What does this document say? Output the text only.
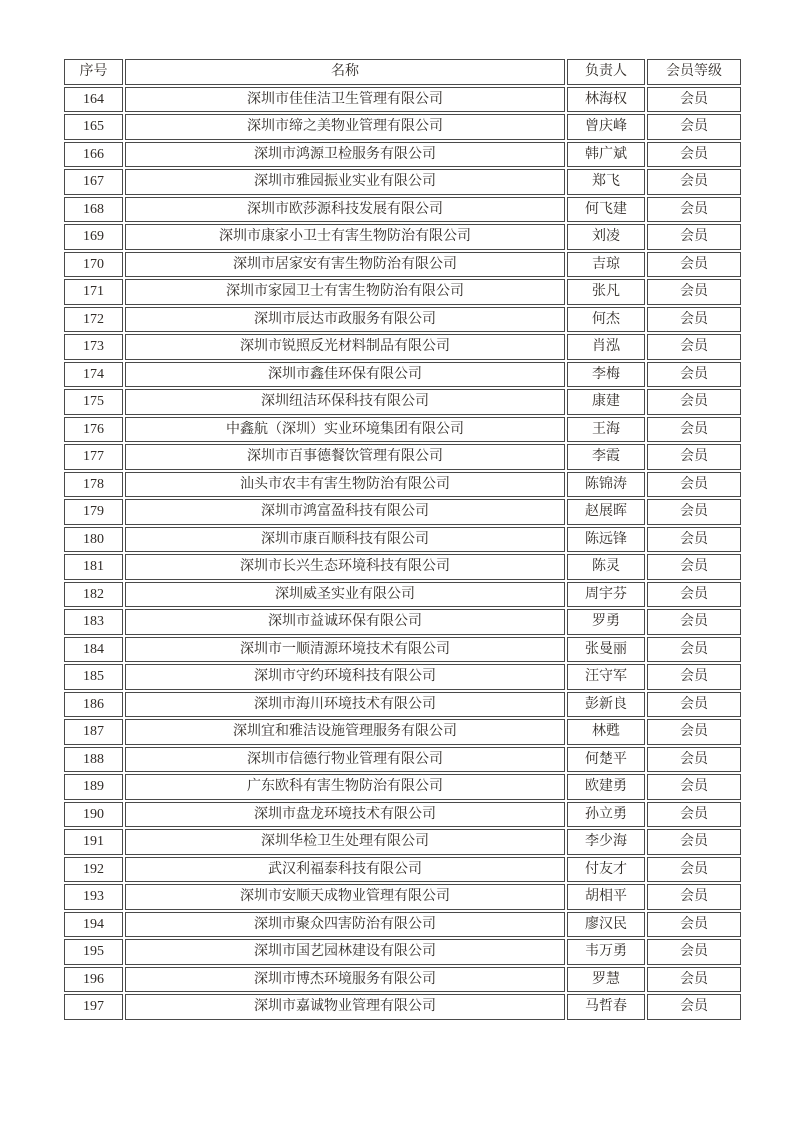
序号	名称	负责人	会员等级
164	深圳市佳佳洁卫生管理有限公司	林海权	会员
165	深圳市缔之美物业管理有限公司	曾庆峰	会员
166	深圳市鸿源卫检服务有限公司	韩广斌	会员
167	深圳市雅园振业实业有限公司	郑飞	会员
168	深圳市欧莎源科技发展有限公司	何飞建	会员
169	深圳市康家小卫士有害生物防治有限公司	刘凌	会员
170	深圳市居家安有害生物防治有限公司	吉琼	会员
171	深圳市家园卫士有害生物防治有限公司	张凡	会员
172	深圳市辰达市政服务有限公司	何杰	会员
173	深圳市锐照反光材料制品有限公司	肖泓	会员
174	深圳市鑫佳环保有限公司	李梅	会员
175	深圳纽洁环保科技有限公司	康建	会员
176	中鑫航（深圳）实业环境集团有限公司	王海	会员
177	深圳市百事德餐饮管理有限公司	李霞	会员
178	汕头市农丰有害生物防治有限公司	陈锦涛	会员
179	深圳市鸿富盈科技有限公司	赵展晖	会员
180	深圳市康百顺科技有限公司	陈远锋	会员
181	深圳市长兴生态环境科技有限公司	陈灵	会员
182	深圳威圣实业有限公司	周宇芬	会员
183	深圳市益诚环保有限公司	罗勇	会员
184	深圳市一顺清源环境技术有限公司	张曼丽	会员
185	深圳市守约环境科技有限公司	汪守军	会员
186	深圳市海川环境技术有限公司	彭新良	会员
187	深圳宜和雅洁设施管理服务有限公司	林甦	会员
188	深圳市信德行物业管理有限公司	何楚平	会员
189	广东欧科有害生物防治有限公司	欧建勇	会员
190	深圳市盘龙环境技术有限公司	孙立勇	会员
191	深圳华检卫生处理有限公司	李少海	会员
192	武汉利福泰科技有限公司	付友才	会员
193	深圳市安顺天成物业管理有限公司	胡相平	会员
194	深圳市聚众四害防治有限公司	廖汉民	会员
195	深圳市国艺园林建设有限公司	韦万勇	会员
196	深圳市博杰环境服务有限公司	罗慧	会员
197	深圳市嘉诚物业管理有限公司	马哲春	会员
